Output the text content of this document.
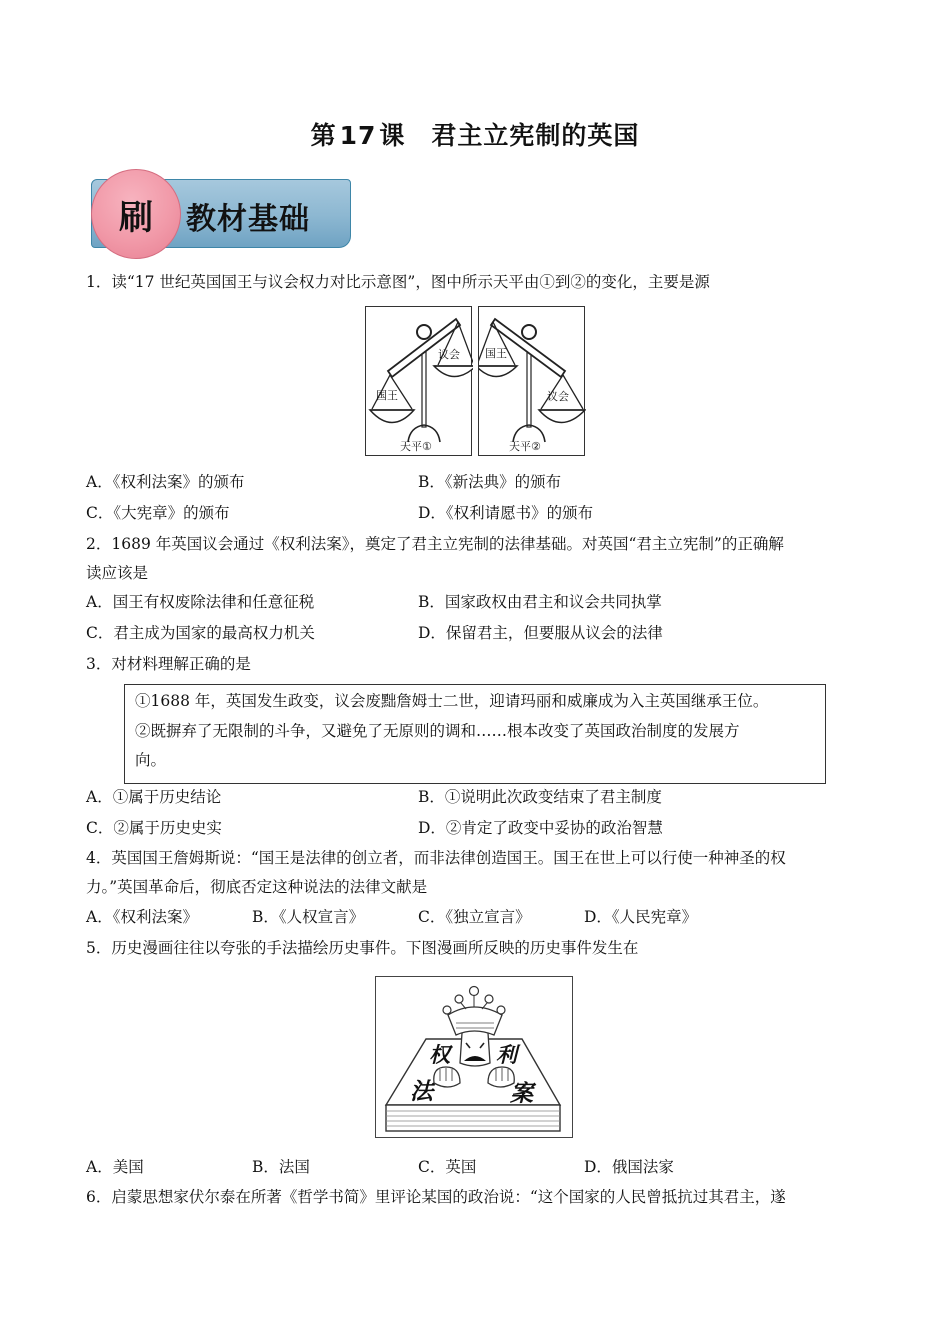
第 17 课 君主立宪制的英国
刷 教材基础
1．读“17 世纪英国国王与议会权力对比示意图”，图中所示天平由①到②的变化，主要是源
国王
议会
天平①
国王
议会
天平②
A．《权利法案》的颁布	B．《新法典》的颁布
C．《大宪章》的颁布	D．《权利请愿书》的颁布
2．1689 年英国议会通过《权利法案》，奠定了君主立宪制的法律基础。对英国“君主立宪制”的正确解
读应该是
A．国王有权废除法律和任意征税	B．国家政权由君主和议会共同执掌
C．君主成为国家的最高权力机关	D．保留君主，但要服从议会的法律
3．对材料理解正确的是
①1688 年，英国发生政变，议会废黜詹姆士二世，迎请玛丽和威廉成为入主英国继承王位。
②既摒弃了无限制的斗争，又避免了无原则的调和……根本改变了英国政治制度的发展方
向。
A．①属于历史结论	B．①说明此次政变结束了君主制度
C．②属于历史史实	D．②肯定了政变中妥协的政治智慧
4．英国国王詹姆斯说：“国王是法律的创立者，而非法律创造国王。国王在世上可以行使一种神圣的权
力。”英国革命后，彻底否定这种说法的法律文献是
A．《权利法案》	B．《人权宣言》	C．《独立宣言》	D．《人民宪章》
5．历史漫画往往以夸张的手法描绘历史事件。下图漫画所反映的历史事件发生在
权 利
法	案
A．美国	B．法国	C．英国	D．俄国法家
6．启蒙思想家伏尔泰在所著《哲学书简》里评论某国的政治说：“这个国家的人民曾抵抗过其君主，遂
